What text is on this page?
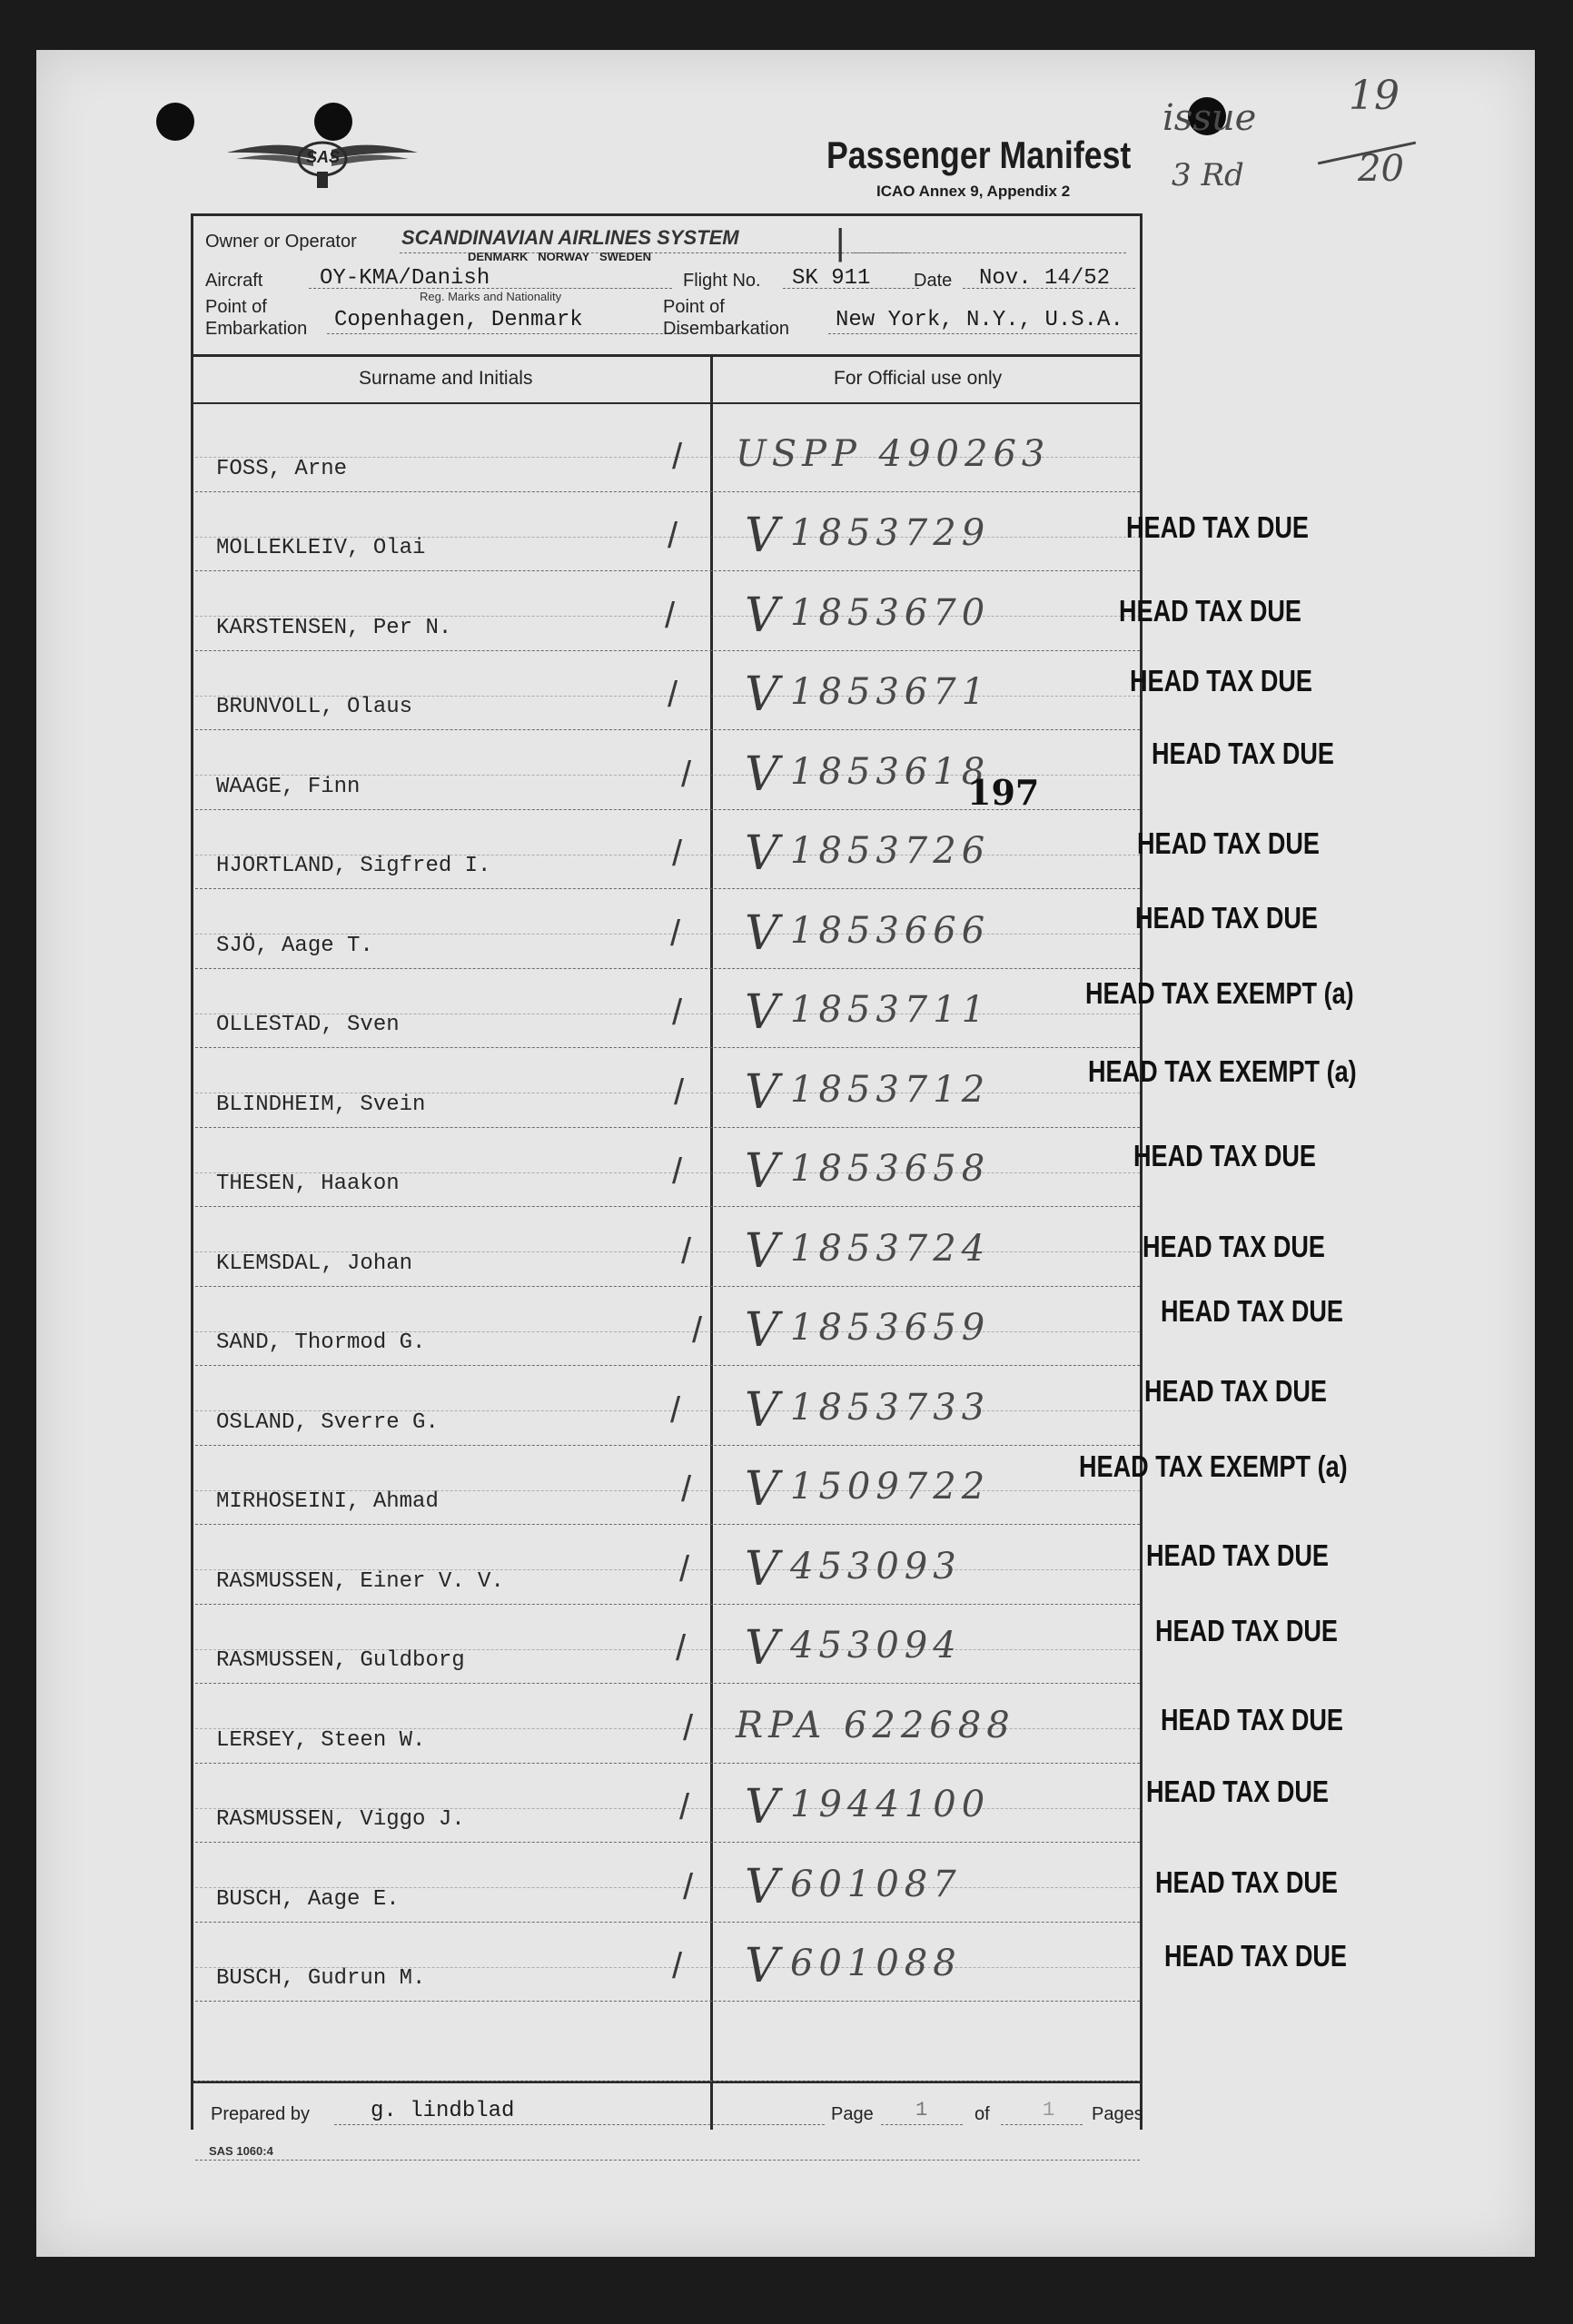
SAS	Passenger Manifest
ICAO Annex 9, Appendix 2
issue
3 Rd
19
20
Owner or Operator SCANDINAVIAN AIRLINES SYSTEM
DENMARK   NORWAY   SWEDEN	|
Aircraft	OY-KMA/Danish
Reg. Marks and Nationality
Flight No. SK 911 Date Nov. 14/52
Point of
Embarkation Copenhagen, Denmark
Point of
Disembarkation New York, N.Y., U.S.A.
Surname and Initials	For Official use only
FOSS, Arne	/ USPP 490263
MOLLEKLEIV, Olai	/ V 1853729	HEAD TAX DUE
KARSTENSEN, Per N.	/ V 1853670	HEAD TAX DUE
BRUNVOLL, Olaus	/ V 1853671	HEAD TAX DUE
WAAGE, Finn	/ V 1853618	HEAD TAX DUE
HJORTLAND, Sigfred I.	/ V 1853726	HEAD TAX DUE
SJÖ, Aage T.	/ V 1853666	HEAD TAX DUE
OLLESTAD, Sven	/ V 1853711	HEAD TAX EXEMPT (a)
BLINDHEIM, Svein	/ V 1853712	HEAD TAX EXEMPT (a)
THESEN, Haakon	/ V 1853658	HEAD TAX DUE
KLEMSDAL, Johan	/ V 1853724	HEAD TAX DUE
SAND, Thormod G.	/ V 1853659	HEAD TAX DUE
OSLAND, Sverre G.	/ V 1853733	HEAD TAX DUE
MIRHOSEINI, Ahmad	/ V 1509722	HEAD TAX EXEMPT (a)
RASMUSSEN, Einer V. V.	/ V 453093	HEAD TAX DUE
RASMUSSEN, Guldborg	/ V 453094	HEAD TAX DUE
LERSEY, Steen W.	/ RPA 622688	HEAD TAX DUE
RASMUSSEN, Viggo J.	/ V 1944100	HEAD TAX DUE
BUSCH, Aage E.	/ V 601087	HEAD TAX DUE
BUSCH, Gudrun M.	/ V 601088	HEAD TAX DUE
197
Prepared by	g. lindblad	Page 1	of	1 Pages
SAS 1060:4
